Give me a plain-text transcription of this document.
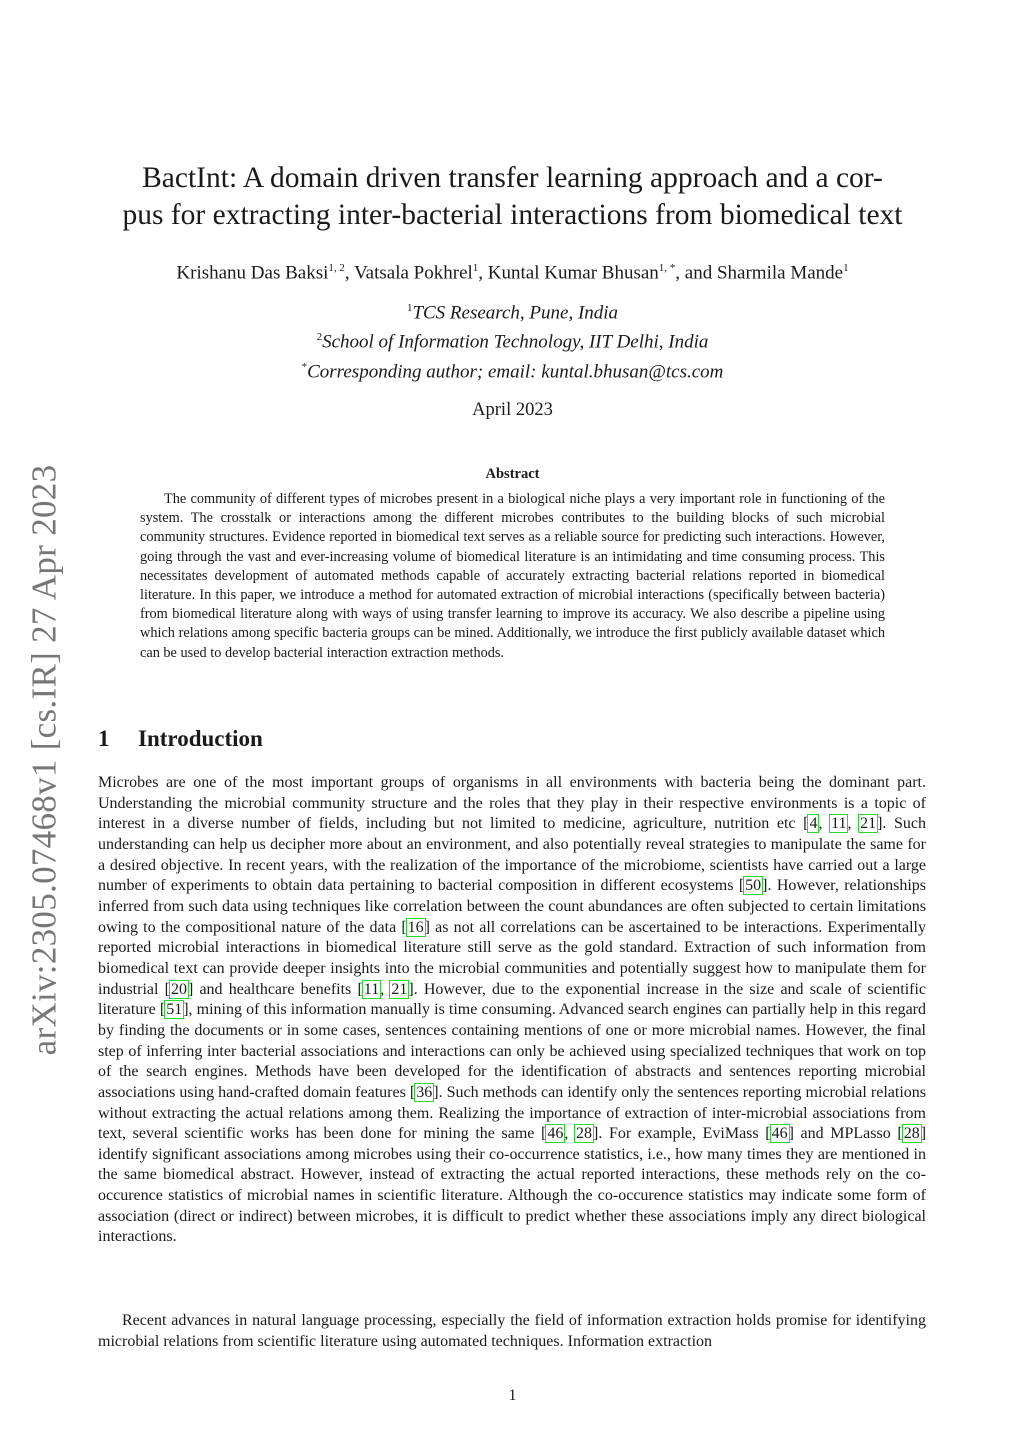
arXiv:2305.07468v1 [cs.IR] 27 Apr 2023
BactInt: A domain driven transfer learning approach and a cor-
pus for extracting inter-bacterial interactions from biomedical text
Krishanu Das Baksi$^{1, 2}$, Vatsala Pokhrel$^1$, Kuntal Kumar Bhusan$^{1, *}$, and Sharmila Mande$^1$
$^1$TCS Research, Pune, India
$^2$School of Information Technology, IIT Delhi, India
*Corresponding author; email: kuntal.bhusan@tcs.com
April 2023
Abstract

The community of different types of microbes present in a biological niche plays a very important role in functioning of the system. The crosstalk or interactions among the different microbes contributes to the building blocks of such microbial community structures. Evidence reported in biomedical text serves as a reliable source for predicting such interactions. However, going through the vast and ever-increasing volume of biomedical literature is an intimidating and time consuming process. This necessitates development of automated methods capable of accurately extracting bacterial relations reported in biomedical literature. In this paper, we introduce a method for automated extraction of microbial interactions (specifically between bacteria) from biomedical literature along with ways of using transfer learning to improve its accuracy. We also describe a pipeline using which relations among specific bacteria groups can be mined. Additionally, we introduce the first publicly available dataset which can be used to develop bacterial interaction extraction methods.

1 Introduction

Microbes are one of the most important groups of organisms in all environments with bacteria being the dominant part. Understanding the microbial community structure and the roles that they play in their respective environments is a topic of interest in a diverse number of fields, including but not limited to medicine, agriculture, nutrition etc [4, 11, 21]. Such understanding can help us decipher more about an environment, and also potentially reveal strategies to manipulate the same for a desired objective. In recent years, with the realization of the importance of the microbiome, scientists have carried out a large number of experiments to obtain data pertaining to bacterial composition in different ecosystems [50]. However, relationships inferred from such data using techniques like correlation between the count abundances are often subjected to certain limitations owing to the compositional nature of the data [16] as not all correlations can be ascertained to be interactions. Experimentally reported microbial interactions in biomedical literature still serve as the gold standard. Extraction of such information from biomedical text can provide deeper insights into the microbial communities and potentially suggest how to manipulate them for industrial [20] and healthcare benefits [11, 21]. However, due to the exponential increase in the size and scale of scientific literature [51], mining of this information manually is time consuming. Advanced search engines can partially help in this regard by finding the documents or in some cases, sentences containing mentions of one or more microbial names. However, the final step of inferring inter bacterial associations and interactions can only be achieved using specialized techniques that work on top of the search engines. Methods have been developed for the identification of abstracts and sentences reporting microbial associations using hand-crafted domain features [36]. Such methods can identify only the sentences reporting microbial relations without extracting the actual relations among them. Realizing the importance of extraction of inter-microbial associations from text, several scientific works has been done for mining the same [46, 28]. For example, EviMass [46] and MPLasso [28] identify significant associations among microbes using their co-occurrence statistics, i.e., how many times they are mentioned in the same biomedical abstract. However, instead of extracting the actual reported interactions, these methods rely on the co-occurence statistics of microbial names in scientific literature. Although the co-occurence statistics may indicate some form of association (direct or indirect) between microbes, it is difficult to predict whether these associations imply any direct biological interactions.

Recent advances in natural language processing, especially the field of information extraction holds promise for identifying microbial relations from scientific literature using automated techniques. Information extraction

1
